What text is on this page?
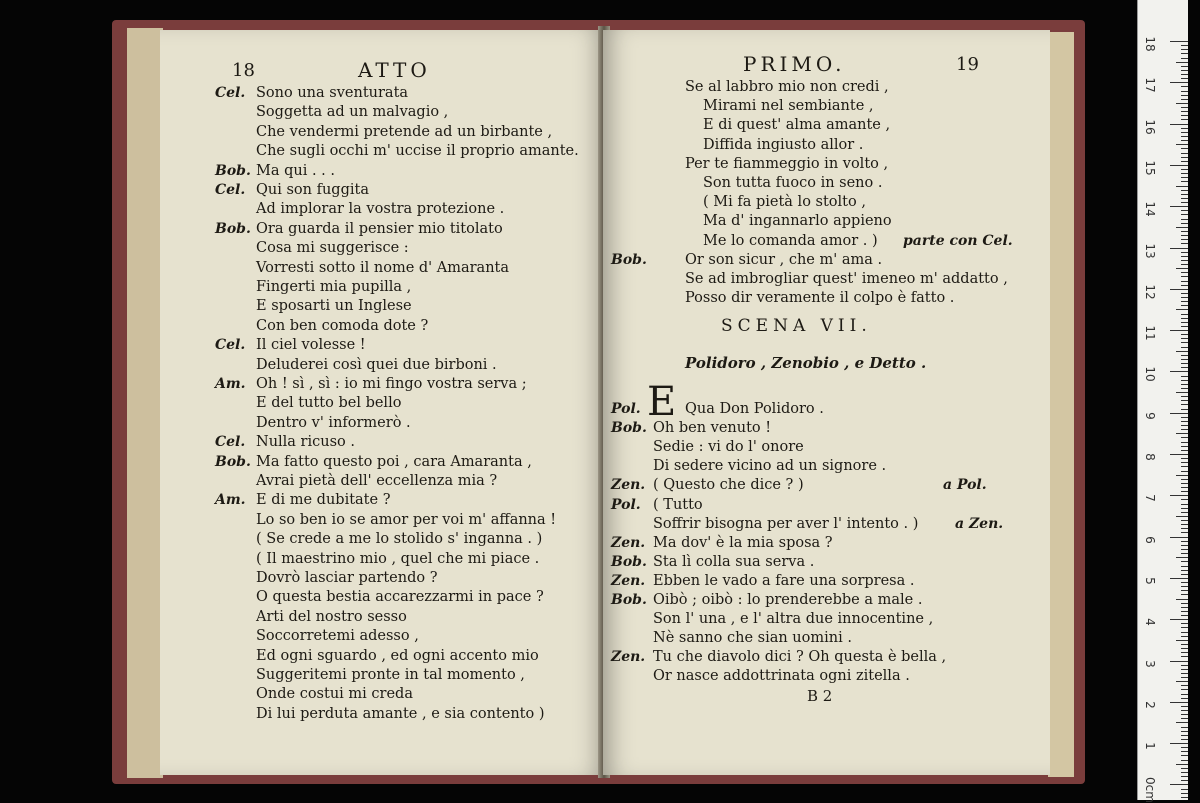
18	ATTO
Cel. Sono una sventurata
Soggetta ad un malvagio ,
Che vendermi pretende ad un birbante ,
Che sugli occhi m' uccise il proprio amante.
Bob. Ma qui . . .
Cel. Qui son fuggita
Ad implorar la vostra protezione .
Bob. Ora guarda il pensier mio titolato
Cosa mi suggerisce :
Vorresti sotto il nome d' Amaranta
Fingerti mia pupilla ,
E sposarti un Inglese
Con ben comoda dote ?
Cel. Il ciel volesse !
Deluderei così quei due birboni .
Am. Oh ! sì , sì : io mi fingo vostra serva ;
E del tutto bel bello
Dentro v' informerò .
Cel. Nulla ricuso .
Bob. Ma fatto questo poi , cara Amaranta ,
Avrai pietà dell' eccellenza mia ?
Am. E di me dubitate ?
Lo so ben io se amor per voi m' affanna !
( Se crede a me lo stolido s' inganna . )
( Il maestrino mio , quel che mi piace .
Dovrò lasciar partendo ?
O questa bestia accarezzarmi in pace ?
Arti del nostro sesso
Soccorretemi adesso ,
Ed ogni sguardo , ed ogni accento mio
Suggeritemi pronte in tal momento ,
Onde costui mi creda
Di lui perduta amante , e sia contento )
PRIMO.	19
Se al labbro mio non credi ,
Mirami nel sembiante ,
E di quest' alma amante ,
Diffida ingiusto allor .
Per te fiammeggio in volto ,
Son tutta fuoco in seno .
( Mi fa pietà lo stolto ,
Ma d' ingannarlo appieno
Me lo comanda amor . ) parte con Cel.
Bob.	Or son sicur , che m' ama .
Se ad imbrogliar quest' imeneo m' addatto ,
Posso dir veramente il colpo è fatto .
SCENA VII.
Polidoro , Zenobio , e Detto .
E
Pol.	Qua Don Polidoro .
Bob. Oh ben venuto !
Sedie : vi do l' onore
Di sedere vicino ad un signore .
Zen. ( Questo che dice ? )	a Pol.
Pol. ( Tutto
Soffrir bisogna per aver l' intento . )	a Zen.
Zen. Ma dov' è la mia sposa ?
Bob. Sta lì colla sua serva .
Zen. Ebben le vado a fare una sorpresa .
Bob. Oibò ; oibò : lo prenderebbe a male .
Son l' una , e l' altra due innocentine ,
Nè sanno che sian uomini .
Zen. Tu che diavolo dici ? Oh questa è bella ,
Or nasce addottrinata ogni zitella .
B 2
18
17
16
15
14
13
12
11
10
9
8
7
6
5
4
3
2
1
0cm
